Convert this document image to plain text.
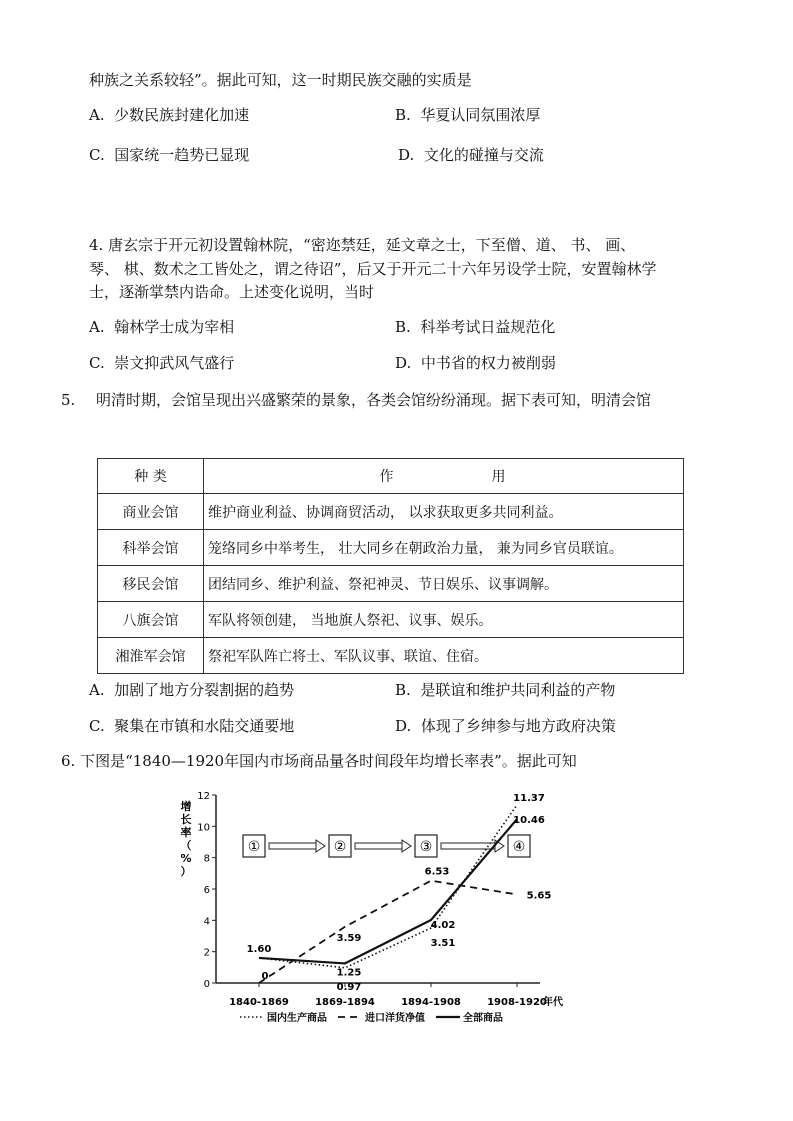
种族之关系较轻”。据此可知，这一时期民族交融的实质是
A. 少数民族封建化加速	B. 华夏认同氛围浓厚
C. 国家统一趋势已显现	D. 文化的碰撞与交流
4. 唐玄宗于开元初设置翰林院，“密迩禁廷，延文章之士，下至僧、道、 书、 画、
琴、 棋、数术之工皆处之，谓之待诏”，后又于开元二十六年另设学士院，安置翰林学
士，逐渐掌禁内诰命。上述变化说明，当时
A. 翰林学士成为宰相	B. 科举考试日益规范化
C. 崇文抑武风气盛行	D. 中书省的权力被削弱
5. 明清时期，会馆呈现出兴盛繁荣的景象，各类会馆纷纷涌现。据下表可知，明清会馆
种 类	作　　　　　　用
商业会馆	维护商业利益、协调商贸活动， 以求获取更多共同利益。
科举会馆	笼络同乡中举考生， 壮大同乡在朝政治力量， 兼为同乡官员联谊。
移民会馆	团结同乡、维护利益、祭祀神灵、节日娱乐、议事调解。
八旗会馆	军队将领创建， 当地旗人祭祀、议事、娱乐。
湘淮军会馆	祭祀军队阵亡将士、军队议事、联谊、住宿。
A. 加剧了地方分裂割据的趋势	B. 是联谊和维护共同利益的产物
C. 聚集在市镇和水陆交通要地	D. 体现了乡绅参与地方政府决策
6. 下图是“1840—1920年国内市场商品量各时间段年均增长率表”。据此可知
0
2
4
6
8
10
12
1840-1869	1869-1894	1894-1908	1908-1920
年代
①	②	③	④
1.60
0
3.59
1.25
0.97
6.53
4.02
3.51
5.65
11.37
10.46
国内生产商品	进口洋货净值	全部商品
增
长
率
（
%
）
